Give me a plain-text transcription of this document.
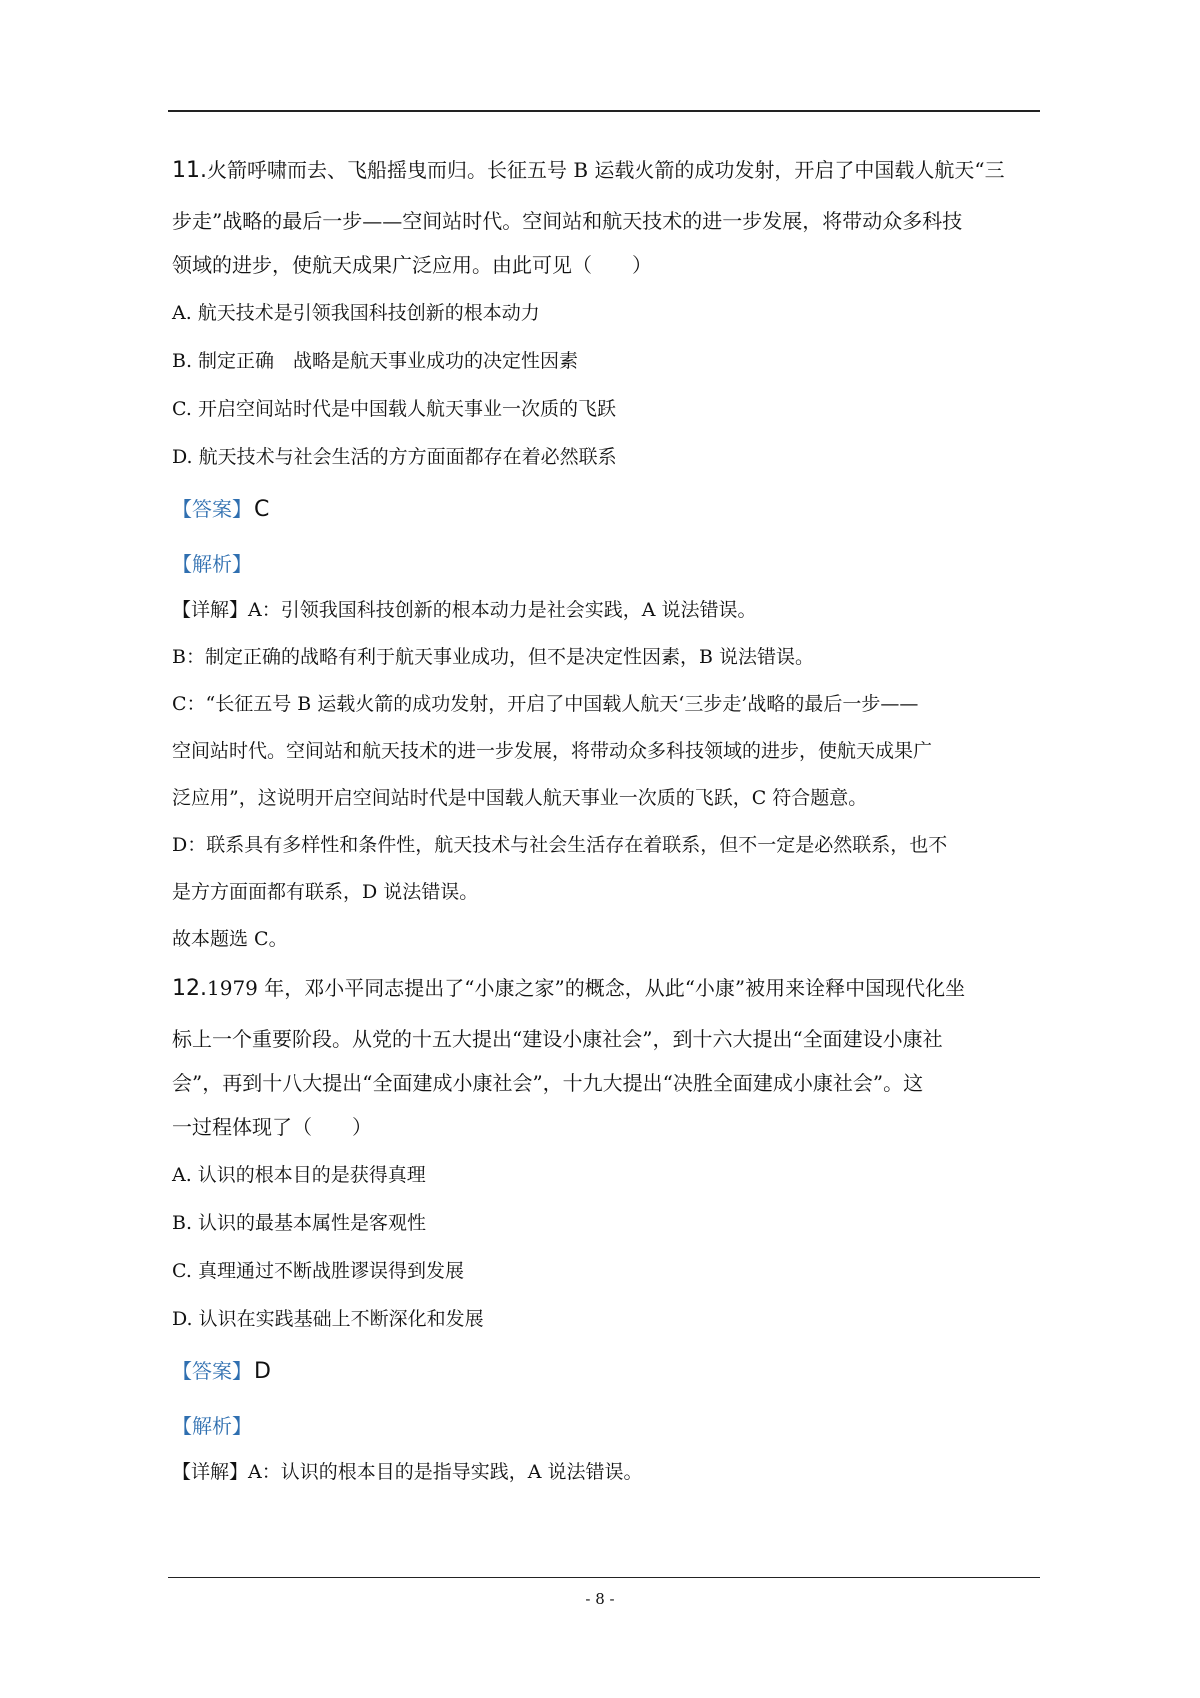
11.火箭呼啸而去、飞船摇曳而归。长征五号 B 运载火箭的成功发射，开启了中国载人航天“三
步走”战略的最后一步——空间站时代。空间站和航天技术的进一步发展，将带动众多科技
领域的进步，使航天成果广泛应用。由此可见（　　）
A. 航天技术是引领我国科技创新的根本动力
B. 制定正确　战略是航天事业成功的决定性因素
C. 开启空间站时代是中国载人航天事业一次质的飞跃
D. 航天技术与社会生活的方方面面都存在着必然联系
【答案】C
【解析】
【详解】A：引领我国科技创新的根本动力是社会实践，A 说法错误。
B：制定正确的战略有利于航天事业成功，但不是决定性因素，B 说法错误。
C：“长征五号 B 运载火箭的成功发射，开启了中国载人航天‘三步走’战略的最后一步——
空间站时代。空间站和航天技术的进一步发展，将带动众多科技领域的进步，使航天成果广
泛应用”，这说明开启空间站时代是中国载人航天事业一次质的飞跃，C 符合题意。
D：联系具有多样性和条件性，航天技术与社会生活存在着联系，但不一定是必然联系，也不
是方方面面都有联系，D 说法错误。
故本题选 C。
12.1979 年，邓小平同志提出了“小康之家”的概念，从此“小康”被用来诠释中国现代化坐
标上一个重要阶段。从党的十五大提出“建设小康社会”，到十六大提出“全面建设小康社
会”，再到十八大提出“全面建成小康社会”，十九大提出“决胜全面建成小康社会”。这
一过程体现了（　　）
A. 认识的根本目的是获得真理
B. 认识的最基本属性是客观性
C. 真理通过不断战胜谬误得到发展
D. 认识在实践基础上不断深化和发展
【答案】D
【解析】
【详解】A：认识的根本目的是指导实践，A 说法错误。
- 8 -
